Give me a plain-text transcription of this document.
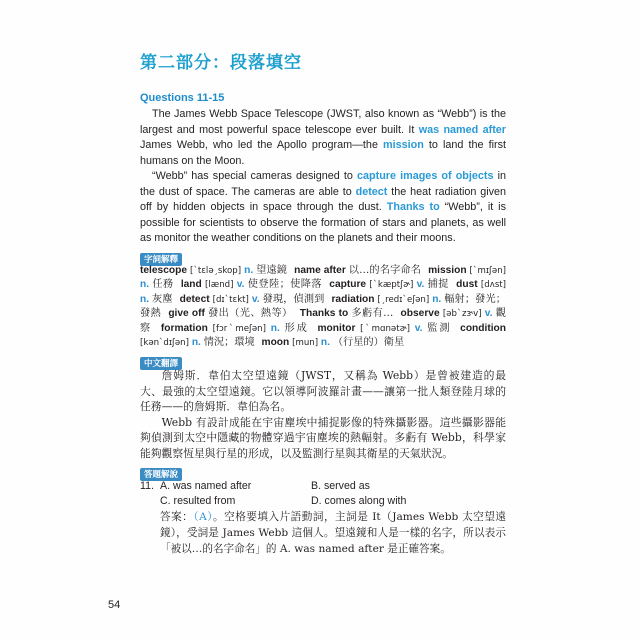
第二部分：段落填空
Questions 11-15

The James Webb Space Telescope (JWST, also known as “Webb”) is the largest and most powerful space telescope ever built. It was named after James Webb, who led the Apollo program—the mission to land the first humans on the Moon.

“Webb” has special cameras designed to capture images of objects in the dust of space. The cameras are able to detect the heat radiation given off by hidden objects in space through the dust. Thanks to “Webb”, it is possible for scientists to observe the formation of stars and planets, as well as monitor the weather conditions on the planets and their moons.

字詞解釋
telescope [ˋtɛləˏskop] n. 望遠鏡 name after 以…的名字命名 mission [ˋmɪʃən] n. 任務 land [lænd] v. 使登陸；使降落 capture [ˋkæptʃɚ] v. 捕捉 dust [dʌst] n. 灰塵 detect [dɪˋtɛkt] v. 發現，偵測到 radiation [ˏredɪˋeʃən] n. 輻射；發光；發熱 give off 發出（光、熱等） Thanks to 多虧有… observe [əbˋzɝv] v. 觀察 formation [fɔrˋmeʃən] n. 形成 monitor [ˋmɑnətɚ] v. 監測 condition [kənˋdɪʃən] n. 情況；環境 moon [mun] n. （行星的）衛星
中文翻譯

詹姆斯．韋伯太空望遠鏡（JWST，又稱為 Webb）是曾被建造的最大、最強的太空望遠鏡。它以領導阿波羅計畫——讓第一批人類登陸月球的任務——的詹姆斯．韋伯為名。

Webb 有設計成能在宇宙塵埃中捕捉影像的特殊攝影器。這些攝影器能夠偵測到太空中隱藏的物體穿過宇宙塵埃的熱輻射。多虧有 Webb，科學家能夠觀察恆星與行星的形成，以及監測行星與其衛星的天氣狀況。

答題解說
11. A. was named after	B. served as
C. resulted from	D. comes along with

答案：（A）。空格要填入片語動詞，主詞是 It（James Webb 太空望遠鏡），受詞是 James Webb 這個人。望遠鏡和人是一樣的名字，所以表示「被以…的名字命名」的 A. was named after 是正確答案。

54
